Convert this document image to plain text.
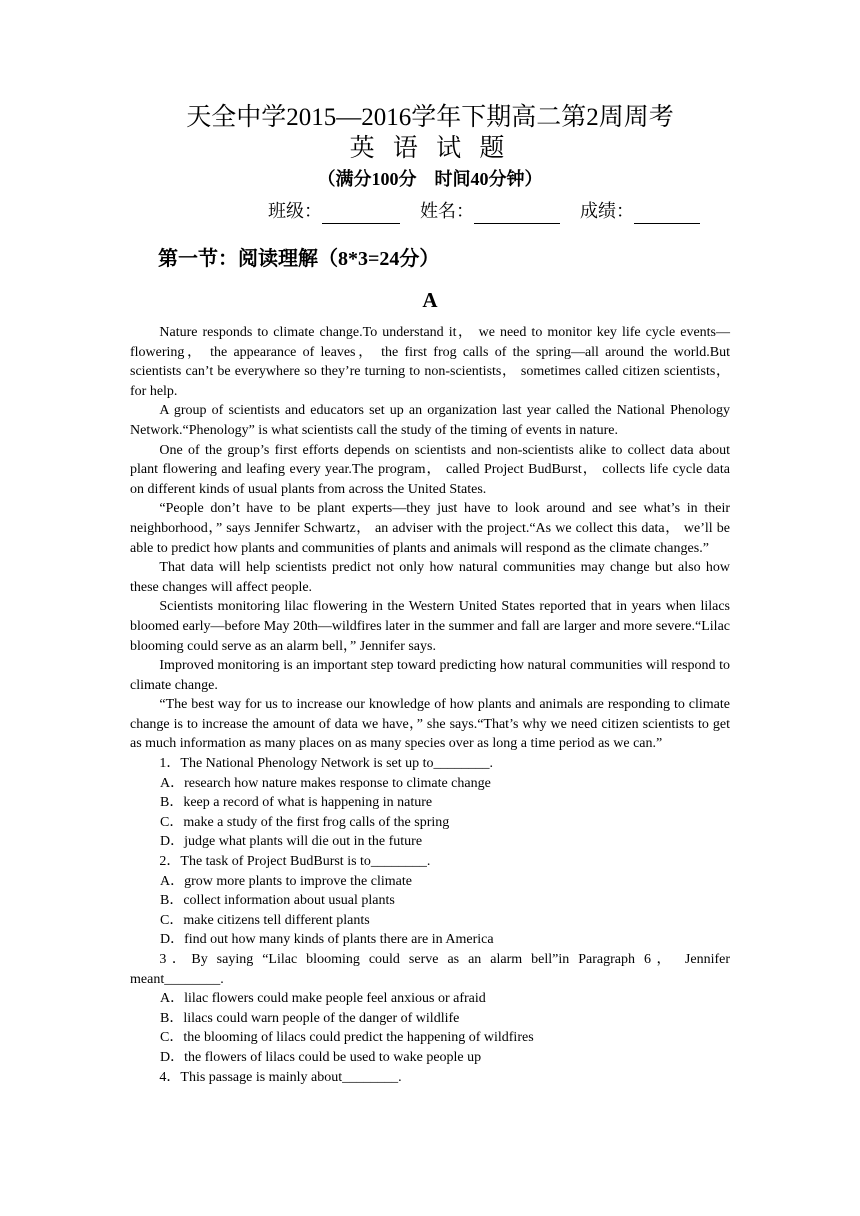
天全中学2015—2016学年下期高二第2周周考
英 语 试 题
（满分100分　时间40分钟）
班级：	姓名：	成绩：
第一节：阅读理解（8*3=24分）
A

Nature responds to climate change.To understand it， we need to monitor key life cycle events—flowering， the appearance of leaves， the first frog calls of the spring—all around the world.But scientists can’t be everywhere so they’re turning to non-scientists， sometimes called citizen scientists， for help.

A group of scientists and educators set up an organization last year called the National Phenology Network.“Phenology” is what scientists call the study of the timing of events in nature.

One of the group’s first efforts depends on scientists and non-scientists alike to collect data about plant flowering and leafing every year.The program， called Project BudBurst， collects life cycle data on different kinds of usual plants from across the United States.

“People don’t have to be plant experts—they just have to look around and see what’s in their neighborhood，” says Jennifer Schwartz， an adviser with the project.“As we collect this data， we’ll be able to predict how plants and communities of plants and animals will respond as the climate changes.”

That data will help scientists predict not only how natural communities may change but also how these changes will affect people.

Scientists monitoring lilac flowering in the Western United States reported that in years when lilacs bloomed early—before May 20th—wildfires later in the summer and fall are larger and more severe.“Lilac blooming could serve as an alarm bell，” Jennifer says.

Improved monitoring is an important step toward predicting how natural communities will respond to climate change.

“The best way for us to increase our knowledge of how plants and animals are responding to climate change is to increase the amount of data we have，” she says.“That’s why we need citizen scientists to get as much information as many places on as many species over as long a time period as we can.”

1．The National Phenology Network is set up to________.
A．research how nature makes response to climate change
B．keep a record of what is happening in nature
C．make a study of the first frog calls of the spring
D．judge what plants will die out in the future
2．The task of Project BudBurst is to________.
A．grow more plants to improve the climate
B．collect information about usual plants
C．make citizens tell different plants
D．find out how many kinds of plants there are in America
3．By saying “Lilac blooming could serve as an alarm bell”in Paragraph 6， Jennifer meant________.
A．lilac flowers could make people feel anxious or afraid
B．lilacs could warn people of the danger of wildlife
C．the blooming of lilacs could predict the happening of wildfires
D．the flowers of lilacs could be used to wake people up
4．This passage is mainly about________.
